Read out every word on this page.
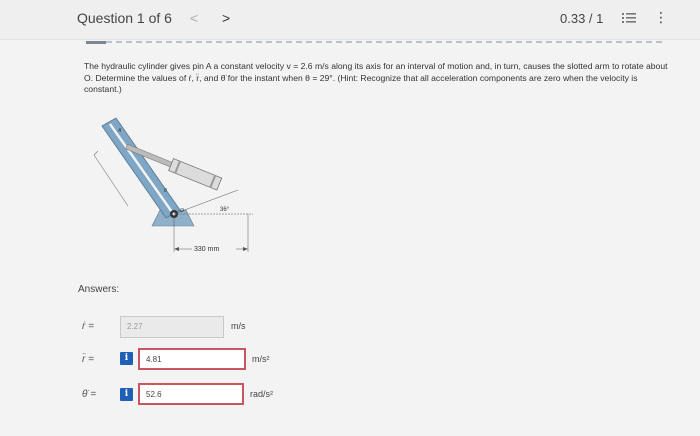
Question 1 of 6 < >	0.33 / 1	⋮

The hydraulic cylinder gives pin A a constant velocity v = 2.6 m/s along its axis for an interval of motion and, in turn, causes the slotted arm to rotate about O. Determine the values of ṙ, r̈, and θ̈ for the instant when θ = 29°. (Hint: Recognize that all acceleration components are zero when the velocity is constant.)

A
O
θ
36°
330 mm
Answers:
ṙ =	2.27	m/s
r̈ =	i	4.81	m/s²
θ̈ =	i	52.6	rad/s²
